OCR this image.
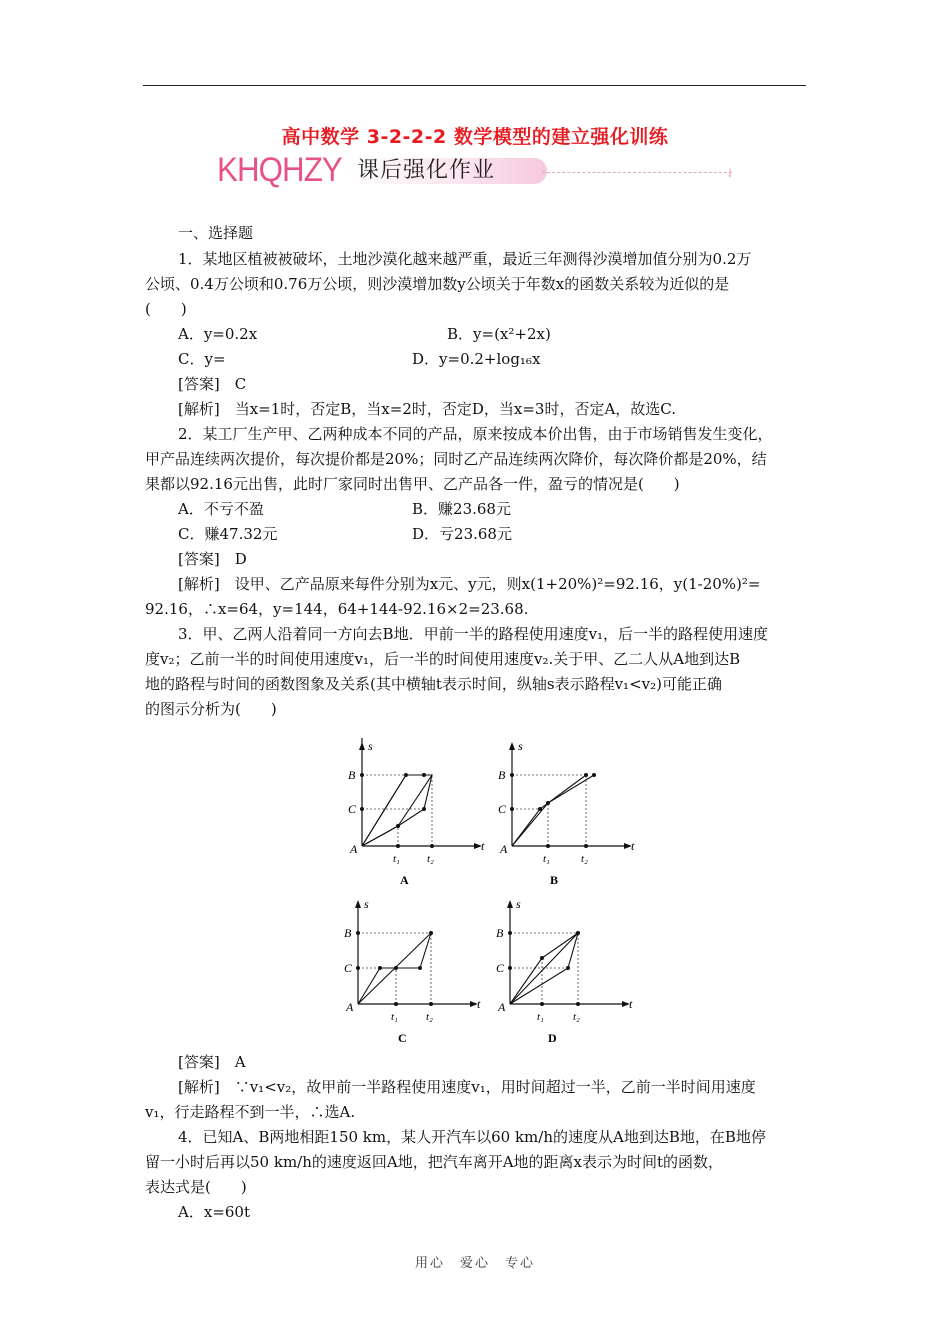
高中数学 3-2-2-2 数学模型的建立强化训练
KHQHZY 课后强化作业	↓
一、选择题
1．某地区植被被破坏，土地沙漠化越来越严重，最近三年测得沙漠增加值分别为0.2万
公顷、0.4万公顷和0.76万公顷，则沙漠增加数y公顷关于年数x的函数关系较为近似的是
(　　)
A．y=0.2x	B．y=(x²+2x)
C．y=	D．y=0.2+log₁₆x
[答案]　C
[解析]　当x=1时，否定B，当x=2时，否定D，当x=3时，否定A，故选C.
2．某工厂生产甲、乙两种成本不同的产品，原来按成本价出售，由于市场销售发生变化，
甲产品连续两次提价，每次提价都是20%；同时乙产品连续两次降价，每次降价都是20%，结
果都以92.16元出售，此时厂家同时出售甲、乙产品各一件，盈亏的情况是(　　)
A．不亏不盈	B．赚23.68元
C．赚47.32元	D．亏23.68元
[答案]　D
[解析]　设甲、乙产品原来每件分别为x元、y元，则x(1+20%)²=92.16，y(1-20%)²=
92.16，∴x=64，y=144，64+144-92.16×2=23.68.
3．甲、乙两人沿着同一方向去B地．甲前一半的路程使用速度v₁，后一半的路程使用速度
度v₂；乙前一半的时间使用速度v₁，后一半的时间使用速度v₂.关于甲、乙二人从A地到达B
地的路程与时间的函数图象及关系(其中横轴t表示时间，纵轴s表示路程v₁<v₂)可能正确
的图示分析为(　　)
s
t
B
C
A
t₁ t₂
A
s
t
B
C
A
t₁	t₂
B
s
t
B
C
A
t₁	t₂
C
s
t
B
C
A
t₁	t₂
D
[答案]　A
[解析]　∵v₁<v₂，故甲前一半路程使用速度v₁，用时间超过一半，乙前一半时间用速度
v₁，行走路程不到一半，∴选A.
4．已知A、B两地相距150 km，某人开汽车以60 km/h的速度从A地到达B地，在B地停
留一小时后再以50 km/h的速度返回A地，把汽车离开A地的距离x表示为时间t的函数，
表达式是(　　)
A．x=60t
用心　爱心　专心
